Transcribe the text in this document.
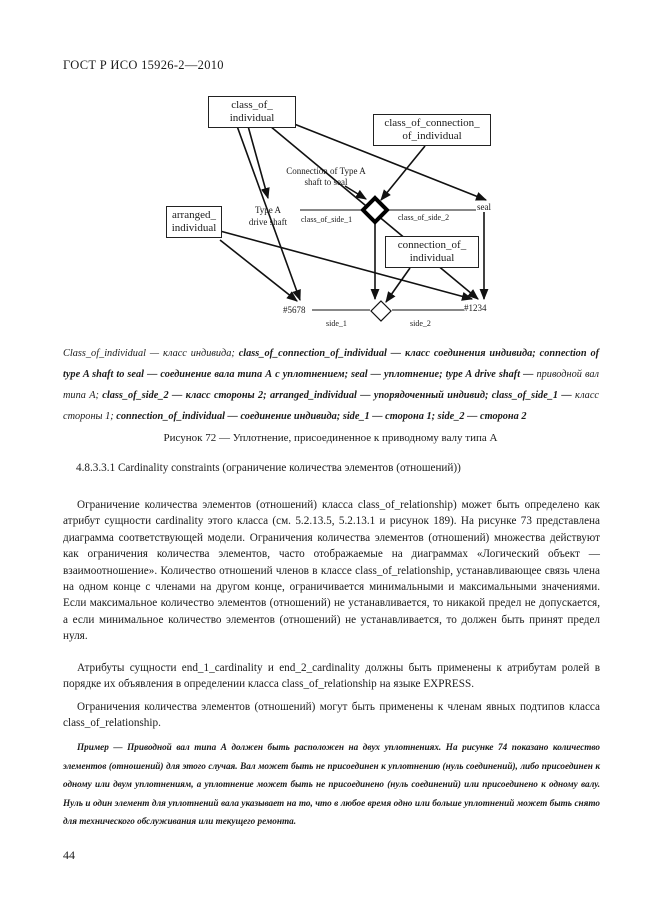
ГОСТ Р ИСО 15926-2—2010
class_of_
individual	class_of_connection_
of_individual
arranged_
individual
connection_of_
individual
Connection of Type A
shaft to seal
Type A
drive shaft
seal
class_of_side_1	class_of_side_2
#5678	#1234
side_1	side_2
Class_of_individual — класс индивида; class_of_connection_of_individual — класс соединения индивида; connection of type A shaft to seal — соединение вала типа А с уплотнением; seal — уплотнение; type A drive shaft — приводной вал типа А; class_of_side_2 — класс стороны 2; arranged_individual — упорядоченный индивид; class_of_side_1 — класс стороны 1; connection_of_individual — соединение индивида; side_1 — сторона 1; side_2 — сторона 2
Рисунок 72 — Уплотнение, присоединенное к приводному валу типа А
4.8.3.3.1 Cardinality constraints (ограничение количества элементов (отношений))
Ограничение количества элементов (отношений) класса class_of_relationship) может быть определено как атрибут сущности cardinality этого класса (см. 5.2.13.5, 5.2.13.1 и рисунок 189). На рисунке 73 представлена диаграмма соответствующей модели. Ограничения количества элементов (отношений) множества действуют как ограничения количества элементов, часто отображаемые на диаграммах «Логический объект — взаимоотношение». Количество отношений членов в классе class_of_relationship, устанавливающее связь члена на одном конце с членами на другом конце, ограничивается минимальными и максимальными значениями. Если максимальное количество элементов (отношений) не устанавливается, то никакой предел не допускается, а если минимальное количество элементов (отношений) не устанавливается, то должен быть принят предел нуля.
Атрибуты сущности end_1_cardinality и end_2_cardinality должны быть применены к атрибутам ролей в порядке их объявления в определении класса class_of_relationship на языке EXPRESS.
Ограничения количества элементов (отношений) могут быть применены к членам явных подтипов класса class_of_relationship.
Пример — Приводной вал типа А должен быть расположен на двух уплотнениях. На рисунке 74 показано количество элементов (отношений) для этого случая. Вал может быть не присоединен к уплотнению (нуль соединений), либо присоединен к одному или двум уплотнениям, а уплотнение может быть не присоединено (нуль соединений) или присоединено к одному валу. Нуль и один элемент для уплотнений вала указывает на то, что в любое время одно или больше уплотнений может быть снято для технического обслуживания или текущего ремонта.
44
